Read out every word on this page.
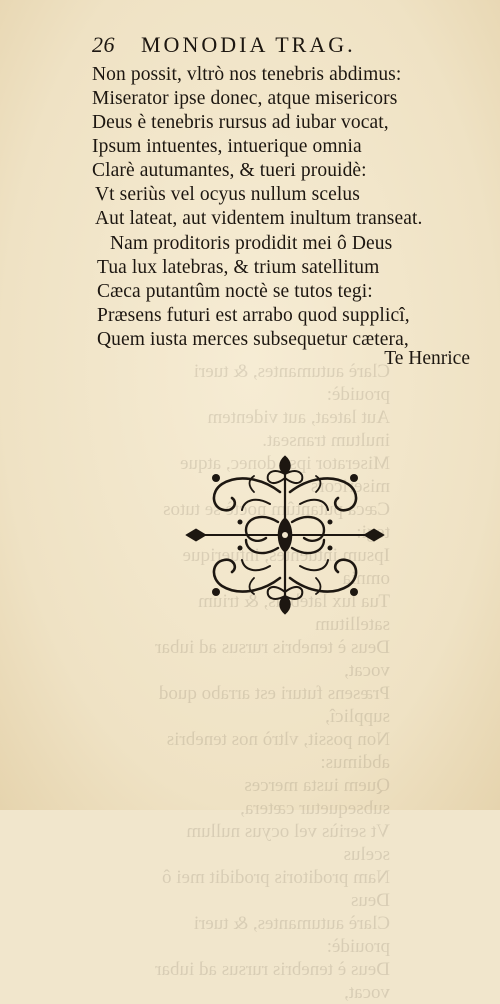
Clarè autumantes, & tueri prouidè:
Aut lateat, aut videntem inultum transeat.
Miserator ipse donec, atque misericors
Cæca putantûm noctè se tutos
Ipsum intuentes, intuerique omnia
Tua lux latebras, & trium satellitum
Deus è tenebris rursus ad iubar vocat,
Præsens futuri est arrabo quod supplicî,
Non possit, vltrò nos tenebris abdimus:
Quem iusta merces subsequetur cætera,
Vt seriùs vel ocyus nullum scelus
Nam proditoris prodidit mei ô Deus
Clarè autumantes, & tueri prouidè:
Deus è tenebris rursus ad iubar vocat,
26 MONODIA TRAG.
Non possit, vltrò nos tenebris abdimus:
Miserator ipse donec, atque misericors
Deus è tenebris rursus ad iubar vocat,
Ipsum intuentes, intuerique omnia
Clarè autumantes, & tueri prouidè:
Vt seriùs vel ocyus nullum scelus
Aut lateat, aut videntem inultum transeat.
Nam proditoris prodidit mei ô Deus
Tua lux latebras, & trium satellitum
Cæca putantûm noctè se tutos tegi:
Præsens futuri est arrabo quod supplicî,
Quem iusta merces subsequetur cætera,
Te Henrice
